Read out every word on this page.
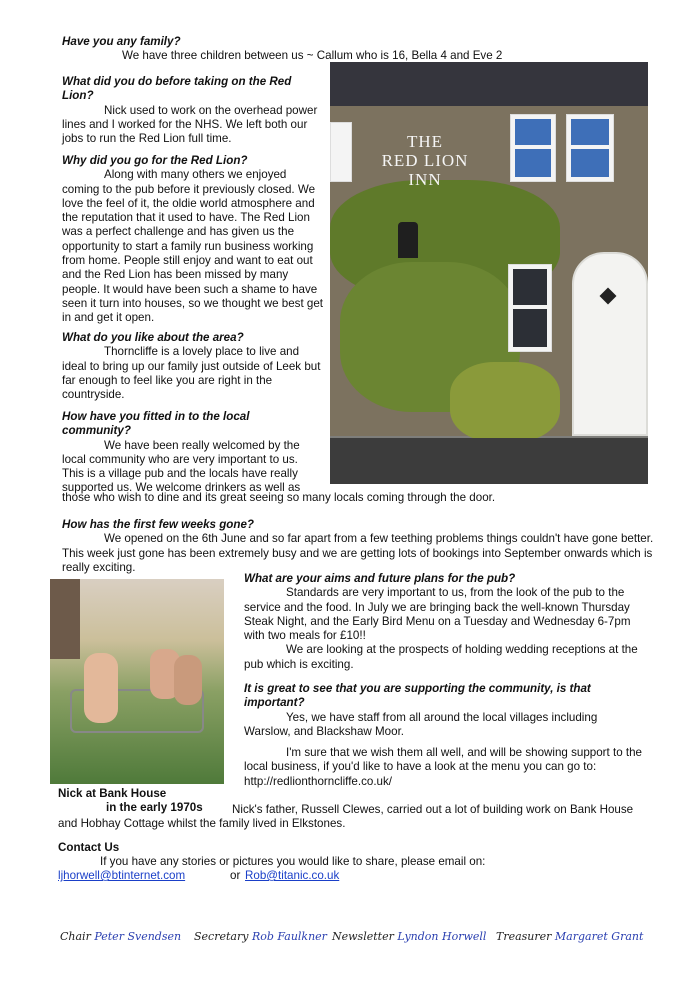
Have you any family?

We have three children between us ~ Callum who is 16, Bella 4 and Eve 2

What did you do before taking on the Red Lion?

Nick used to work on the overhead power lines and I worked for the NHS. We left both our jobs to run the Red Lion full time.

Why did you go for the Red Lion?

Along with many others we enjoyed coming to the pub before it previously closed. We love the feel of it, the oldie world atmosphere and the reputation that it used to have. The Red Lion was a perfect challenge and has given us the opportunity to start a family run business working from home. People still enjoy and want to eat out and the Red Lion has been missed by many people. It would have been such a shame to have seen it turn into houses, so we thought we best get in and get it open.

What do you like about the area?

Thorncliffe is a lovely place to live and ideal to bring up our family just outside of Leek but far enough to feel like you are right in the countryside.

How have you fitted in to the local community?

We have been really welcomed by the local community who are very important to us. This is a village pub and the locals have really supported us. We welcome drinkers as well as

those who wish to dine and its great seeing so many locals coming through the door.
THE
RED LION
INN

How has the first few weeks gone?

We opened on the 6th June and so far apart from a few teething problems things couldn't have gone better. This week just gone has been extremely busy and we are getting lots of bookings into September onwards which is really exciting.

Nick at Bank House
in the early 1970s	Nick's father, Russell Clewes, carried out a lot of building work on Bank House
and Hobhay Cottage whilst the family lived in Elkstones.

What are your aims and future plans for the pub?

Standards are very important to us, from the look of the pub to the service and the food. In July we are bringing back the well-known Thursday Steak Night, and the Early Bird Menu on a Tuesday and Wednesday 6-7pm with two meals for £10!!

We are looking at the prospects of holding wedding receptions at the pub which is exciting.

It is great to see that you are supporting the community, is that important?

Yes, we have staff from all around the local villages including Warslow, and Blackshaw Moor.

I'm sure that we wish them all well, and will be showing support to the local business, if you'd like to have a look at the menu you can go to:

http://redlionthorncliffe.co.uk/

Contact Us
If you have any stories or pictures you would like to share, please email on:
ljhorwell@btinternet.com	or Rob@titanic.co.uk
Chair Peter Svendsen Secretary Rob Faulkner Newsletter Lyndon Horwell Treasurer Margaret Grant
